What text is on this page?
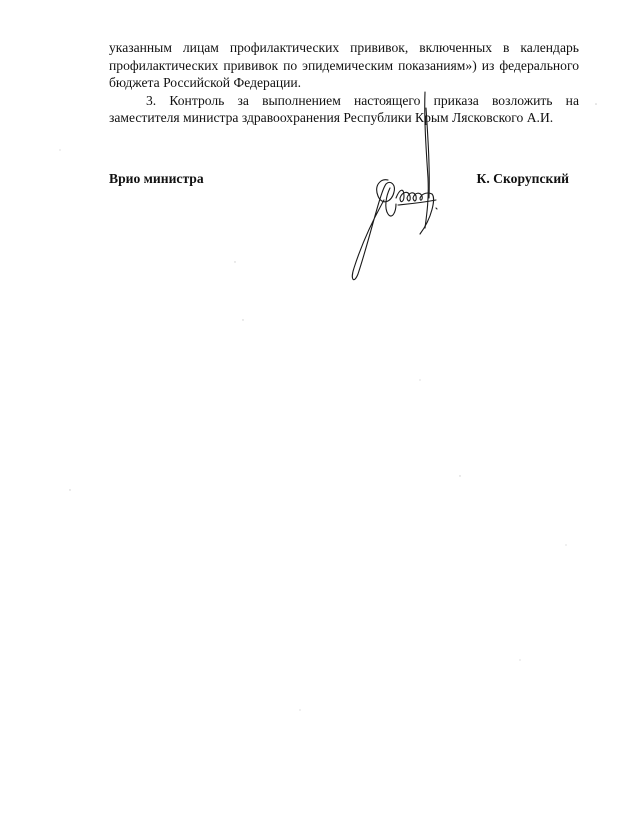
указанным лицам профилактических прививок, включенных в календарь профилактических прививок по эпидемическим показаниям») из федерального бюджета Российской Федерации.

3. Контроль за выполнением настоящего приказа возложить на заместителя министра здравоохранения Республики Крым Лясковского А.И.

Врио министра	К. Скорупский
